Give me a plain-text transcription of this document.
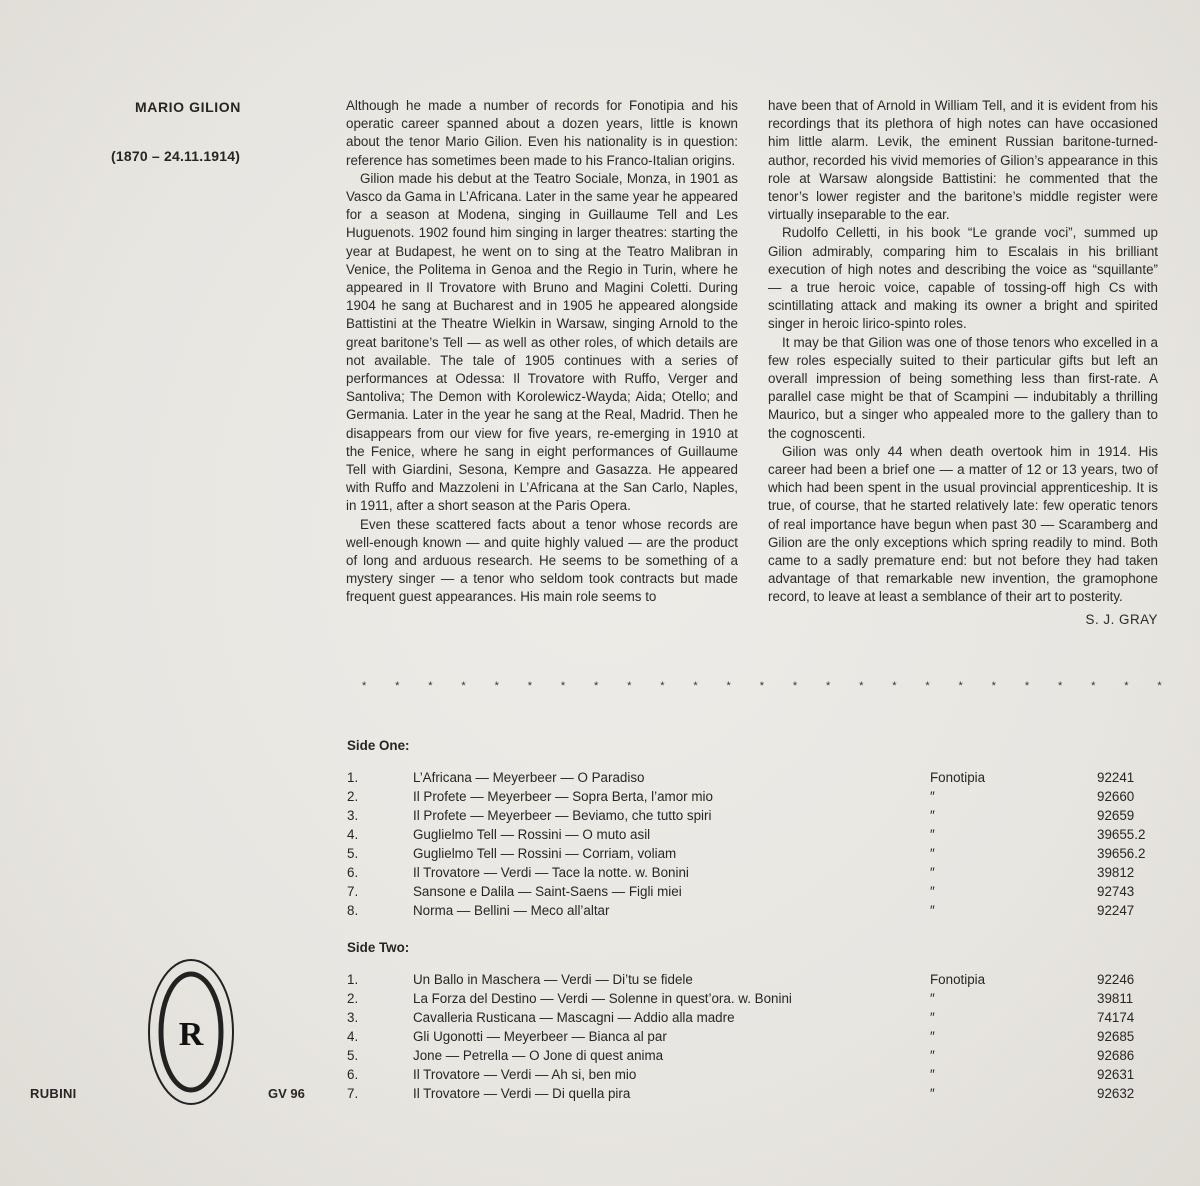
MARIO GILION
(1870 – 24.11.1914)

Although he made a number of records for Fonotipia and his operatic career spanned about a dozen years, little is known about the tenor Mario Gilion. Even his nationality is in question: reference has sometimes been made to his Franco-Italian origins.

Gilion made his debut at the Teatro Sociale, Monza, in 1901 as Vasco da Gama in L’Africana. Later in the same year he appeared for a season at Modena, singing in Guillaume Tell and Les Huguenots. 1902 found him singing in larger theatres: starting the year at Budapest, he went on to sing at the Teatro Malibran in Venice, the Politema in Genoa and the Regio in Turin, where he appeared in Il Trovatore with Bruno and Magini Coletti. During 1904 he sang at Bucharest and in 1905 he appeared alongside Battistini at the Theatre Wielkin in Warsaw, singing Arnold to the great baritone’s Tell — as well as other roles, of which details are not available. The tale of 1905 continues with a series of performances at Odessa: Il Trovatore with Ruffo, Verger and Santoliva; The Demon with Korolewicz-Wayda; Aida; Otello; and Germania. Later in the year he sang at the Real, Madrid. Then he disappears from our view for five years, re-emerging in 1910 at the Fenice, where he sang in eight performances of Guillaume Tell with Giardini, Sesona, Kempre and Gasazza. He appeared with Ruffo and Mazzoleni in L’Africana at the San Carlo, Naples, in 1911, after a short season at the Paris Opera.

Even these scattered facts about a tenor whose records are well-enough known — and quite highly valued — are the product of long and arduous research. He seems to be something of a mystery singer — a tenor who seldom took contracts but made frequent guest appearances. His main role seems to

have been that of Arnold in William Tell, and it is evident from his recordings that its plethora of high notes can have occasioned him little alarm. Levik, the eminent Russian baritone-turned-author, recorded his vivid memories of Gilion’s appearance in this role at Warsaw alongside Battistini: he commented that the tenor’s lower register and the baritone’s middle register were virtually inseparable to the ear.

Rudolfo Celletti, in his book “Le grande voci”, summed up Gilion admirably, comparing him to Escalais in his brilliant execution of high notes and describing the voice as “squillante” — a true heroic voice, capable of tossing-off high Cs with scintillating attack and making its owner a bright and spirited singer in heroic lirico-spinto roles.

It may be that Gilion was one of those tenors who excelled in a few roles especially suited to their particular gifts but left an overall impression of being something less than first-rate. A parallel case might be that of Scampini — indubitably a thrilling Maurico, but a singer who appealed more to the gallery than to the cognoscenti.

Gilion was only 44 when death overtook him in 1914. His career had been a brief one — a matter of 12 or 13 years, two of which had been spent in the usual provincial apprenticeship. It is true, of course, that he started relatively late: few operatic tenors of real importance have begun when past 30 — Scaramberg and Gilion are the only exceptions which spring readily to mind. Both came to a sadly premature end: but not before they had taken advantage of that remarkable new invention, the gramophone record, to leave at least a semblance of their art to posterity.

S. J. GRAY
*	*	*	*	*	*	*	*	*	*	*	*	*	*	*	*	*	*	*	*	*	*	*	*	*
Side One:
1.	L’Africana — Meyerbeer — O Paradiso	Fonotipia	92241
2.	Il Profete — Meyerbeer — Sopra Berta, l’amor mio	″	92660
3.	Il Profete — Meyerbeer — Beviamo, che tutto spiri	″	92659
4.	Guglielmo Tell — Rossini — O muto asil	″	39655.2
5.	Guglielmo Tell — Rossini — Corriam, voliam	″	39656.2
6.	Il Trovatore — Verdi — Tace la notte. w. Bonini	″	39812
7.	Sansone e Dalila — Saint-Saens — Figli miei	″	92743
8.	Norma — Bellini — Meco all’altar	″	92247
Side Two:
1.	Un Ballo in Maschera — Verdi — Di’tu se fidele	Fonotipia	92246
2.	La Forza del Destino — Verdi — Solenne in quest’ora. w. Bonini	″	39811
3.	Cavalleria Rusticana — Mascagni — Addio alla madre	″	74174
4.	Gli Ugonotti — Meyerbeer — Bianca al par	″	92685
5.	Jone — Petrella — O Jone di quest anima	″	92686
6.	Il Trovatore — Verdi — Ah si, ben mio	″	92631
7.	Il Trovatore — Verdi — Di quella pira	″	92632
RUBINI
R
GV 96
